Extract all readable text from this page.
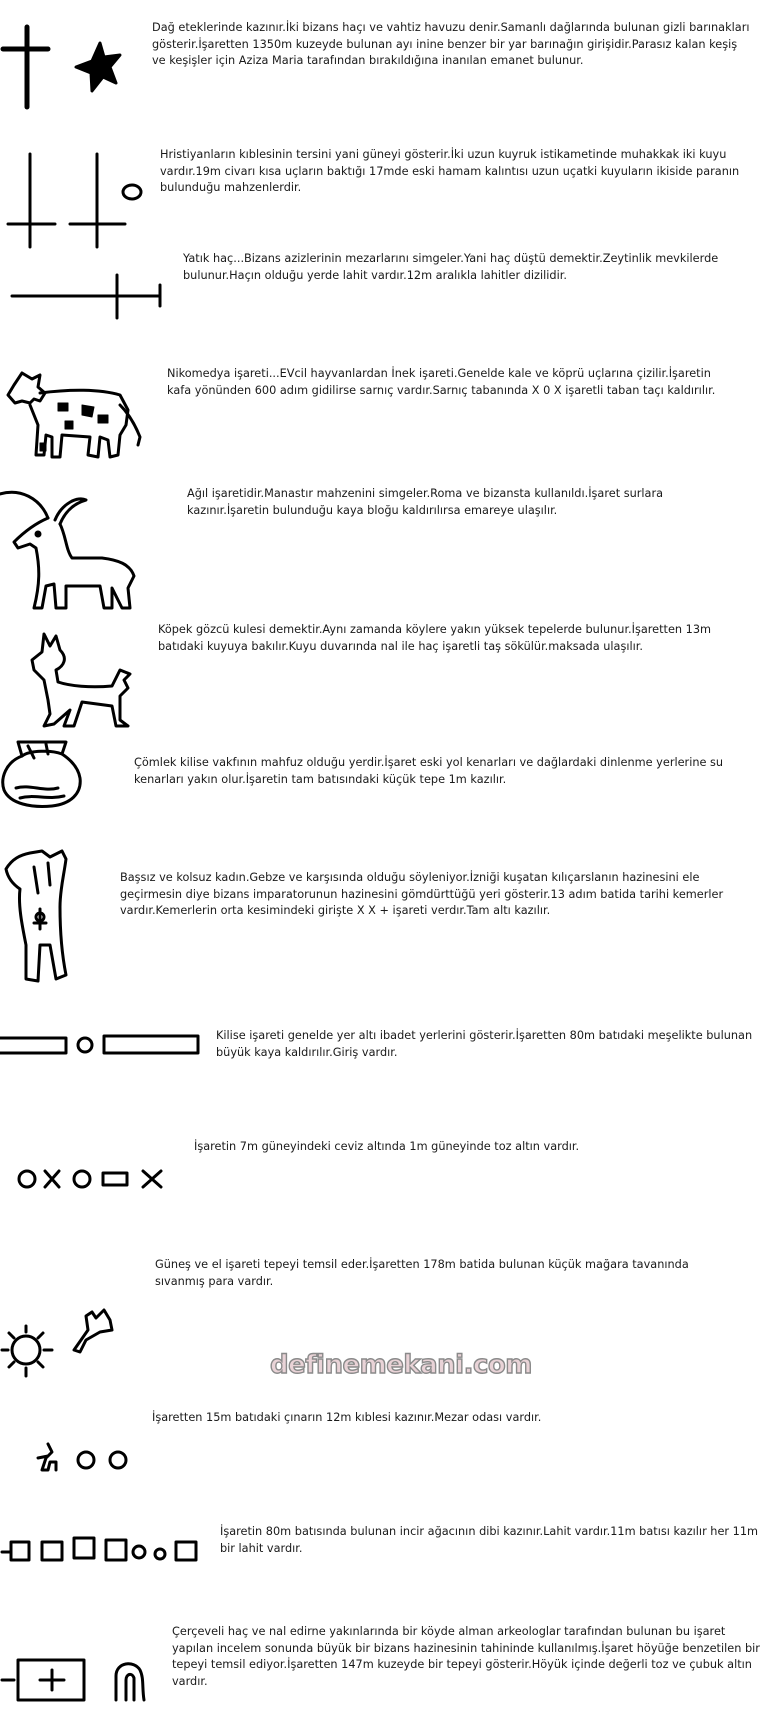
Dağ eteklerinde kazınır.İki bizans haçı ve vahtiz havuzu denir.Samanlı dağlarında bulunan gizli barınakları gösterir.İşaretten 1350m kuzeyde bulunan ayı inine benzer bir yar barınağın girişidir.Parasız kalan keşiş ve keşişler için Aziza Maria tarafından bırakıldığına inanılan emanet bulunur.
Hristiyanların kıblesinin tersini yani güneyi gösterir.İki uzun kuyruk istikametinde muhakkak iki kuyu vardır.19m civarı kısa uçların baktığı 17mde eski hamam kalıntısı uzun uçatki kuyuların ikiside paranın bulunduğu mahzenlerdir.
Yatık haç...Bizans azizlerinin mezarlarını simgeler.Yani haç düştü demektir.Zeytinlik mevkilerde bulunur.Haçın olduğu yerde lahit vardır.12m aralıkla lahitler dizilidir.
Nikomedya işareti...EVcil hayvanlardan İnek işareti.Genelde kale ve köprü uçlarına çizilir.İşaretin kafa yönünden 600 adım gidilirse sarnıç vardır.Sarnıç tabanında X 0 X işaretli taban taçı kaldırılır.
Ağıl işaretidir.Manastır mahzenini simgeler.Roma ve bizansta kullanıldı.İşaret surlara kazınır.İşaretin bulunduğu kaya bloğu kaldırılırsa emareye ulaşılır.
Köpek gözcü kulesi demektir.Aynı zamanda köylere yakın yüksek tepelerde bulunur.İşaretten 13m batıdaki kuyuya bakılır.Kuyu duvarında nal ile haç işaretli taş sökülür.maksada ulaşılır.
Çömlek kilise vakfının mahfuz olduğu yerdir.İşaret eski yol kenarları ve dağlardaki dinlenme yerlerine su kenarları yakın olur.İşaretin tam batısındaki küçük tepe 1m kazılır.
Başsız ve kolsuz kadın.Gebze ve karşısında olduğu söyleniyor.İzniği kuşatan kılıçarslanın hazinesini ele geçirmesin diye bizans imparatorunun hazinesini gömdürttüğü yeri gösterir.13 adım batida tarihi kemerler vardır.Kemerlerin orta kesimindeki girişte X X + işareti verdır.Tam altı kazılır.
Kilise işareti genelde yer altı ibadet yerlerini gösterir.İşaretten 80m batıdaki meşelikte bulunan büyük kaya kaldırılır.Giriş vardır.
İşaretin 7m güneyindeki ceviz altında 1m güneyinde toz altın vardır.
Güneş ve el işareti tepeyi temsil eder.İşaretten 178m batida bulunan küçük mağara tavanında sıvanmış para vardır.
definemekani.com
İşaretten 15m batıdaki çınarın 12m kıblesi kazınır.Mezar odası vardır.
İşaretin 80m batısında bulunan incir ağacının dibi kazınır.Lahit vardır.11m batısı kazılır her 11m bir lahit vardır.
Çerçeveli haç ve nal edirne yakınlarında bir köyde alman arkeologlar tarafından bulunan bu işaret yapılan incelem sonunda büyük bir bizans hazinesinin tahininde kullanılmış.İşaret höyüğe benzetilen bir tepeyi temsil ediyor.İşaretten 147m kuzeyde bir tepeyi gösterir.Höyük içinde değerli toz ve çubuk altın vardır.
